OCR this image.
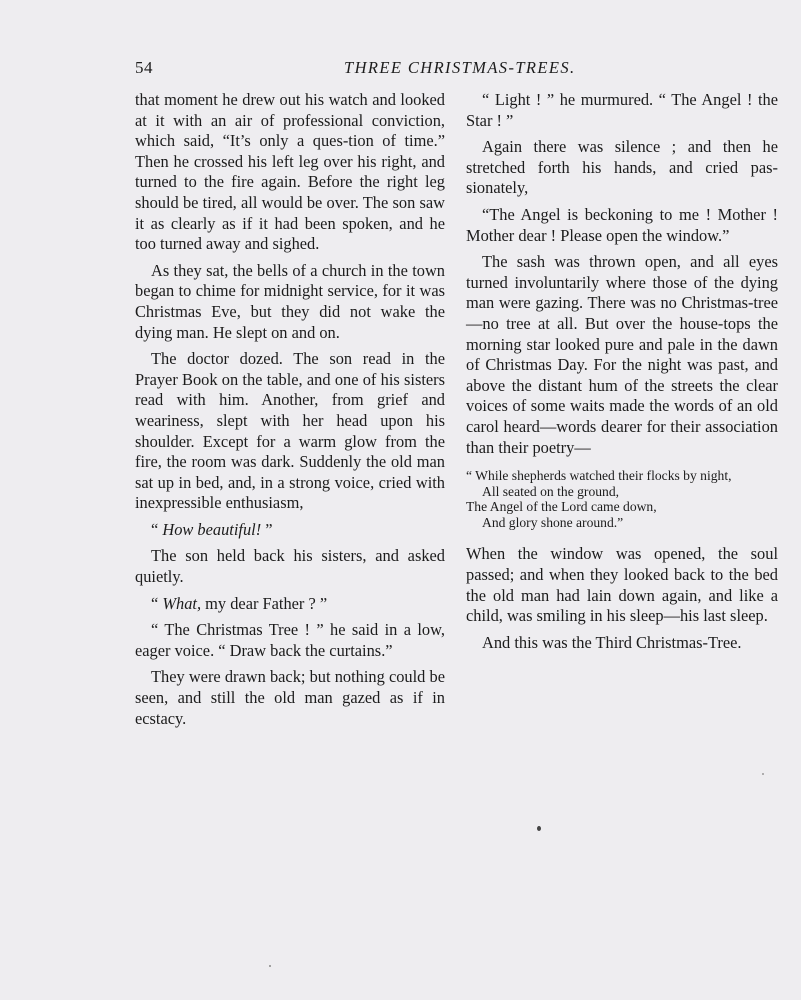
54	THREE CHRISTMAS-TREES.

that moment he drew out his watch and looked at it with an air of professional conviction, which said, “It’s only a ques-tion of time.” Then he crossed his left leg over his right, and turned to the fire again. Before the right leg should be tired, all would be over. The son saw it as clearly as if it had been spoken, and he too turned away and sighed.

As they sat, the bells of a church in the town began to chime for midnight service, for it was Christmas Eve, but they did not wake the dying man. He slept on and on.

The doctor dozed. The son read in the Prayer Book on the table, and one of his sisters read with him. Another, from grief and weariness, slept with her head upon his shoulder. Except for a warm glow from the fire, the room was dark. Suddenly the old man sat up in bed, and, in a strong voice, cried with inexpressible enthusiasm,

“ How beautiful! ”

The son held back his sisters, and asked quietly.

“ What, my dear Father ? ”

“ The Christmas Tree ! ” he said in a low, eager voice. “ Draw back the curtains.”

They were drawn back; but nothing could be seen, and still the old man gazed as if in ecstacy.

“ Light ! ” he murmured. “ The Angel ! the Star ! ”

Again there was silence ; and then he stretched forth his hands, and cried pas-sionately,

“The Angel is beckoning to me ! Mother ! Mother dear ! Please open the window.”

The sash was thrown open, and all eyes turned involuntarily where those of the dying man were gazing. There was no Christmas-tree—no tree at all. But over the house-tops the morning star looked pure and pale in the dawn of Christmas Day. For the night was past, and above the distant hum of the streets the clear voices of some waits made the words of an old carol heard—words dearer for their association than their poetry—

“ While shepherds watched their flocks by night,
All seated on the ground,
The Angel of the Lord came down,
And glory shone around.”

When the window was opened, the soul passed; and when they looked back to the bed the old man had lain down again, and like a child, was smiling in his sleep—his last sleep.

And this was the Third Christmas-Tree.
